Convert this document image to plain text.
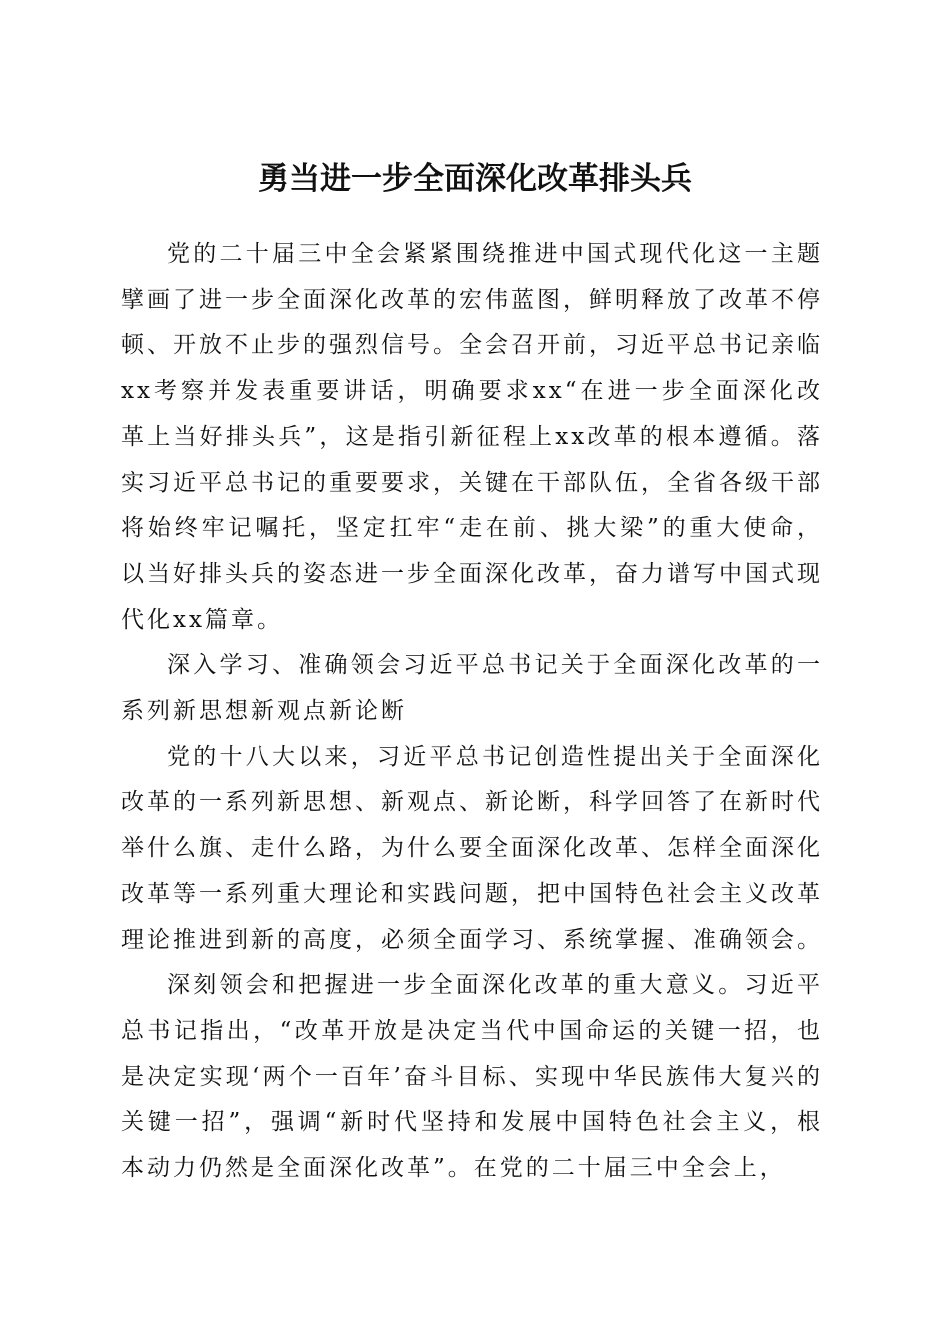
勇当进一步全面深化改革排头兵

党的二十届三中全会紧紧围绕推进中国式现代化这一主题擘画了进一步全面深化改革的宏伟蓝图，鲜明释放了改革不停顿、开放不止步的强烈信号。全会召开前，习近平总书记亲临xx考察并发表重要讲话，明确要求xx“在进一步全面深化改革上当好排头兵”，这是指引新征程上xx改革的根本遵循。落实习近平总书记的重要要求，关键在干部队伍，全省各级干部将始终牢记嘱托，坚定扛牢“走在前、挑大梁”的重大使命，以当好排头兵的姿态进一步全面深化改革，奋力谱写中国式现代化xx篇章。

深入学习、准确领会习近平总书记关于全面深化改革的一系列新思想新观点新论断

党的十八大以来，习近平总书记创造性提出关于全面深化改革的一系列新思想、新观点、新论断，科学回答了在新时代举什么旗、走什么路，为什么要全面深化改革、怎样全面深化改革等一系列重大理论和实践问题，把中国特色社会主义改革理论推进到新的高度，必须全面学习、系统掌握、准确领会。

深刻领会和把握进一步全面深化改革的重大意义。习近平总书记指出，“改革开放是决定当代中国命运的关键一招，也是决定实现‘两个一百年’奋斗目标、实现中华民族伟大复兴的关键一招”，强调“新时代坚持和发展中国特色社会主义，根本动力仍然是全面深化改革”。在党的二十届三中全会上，
